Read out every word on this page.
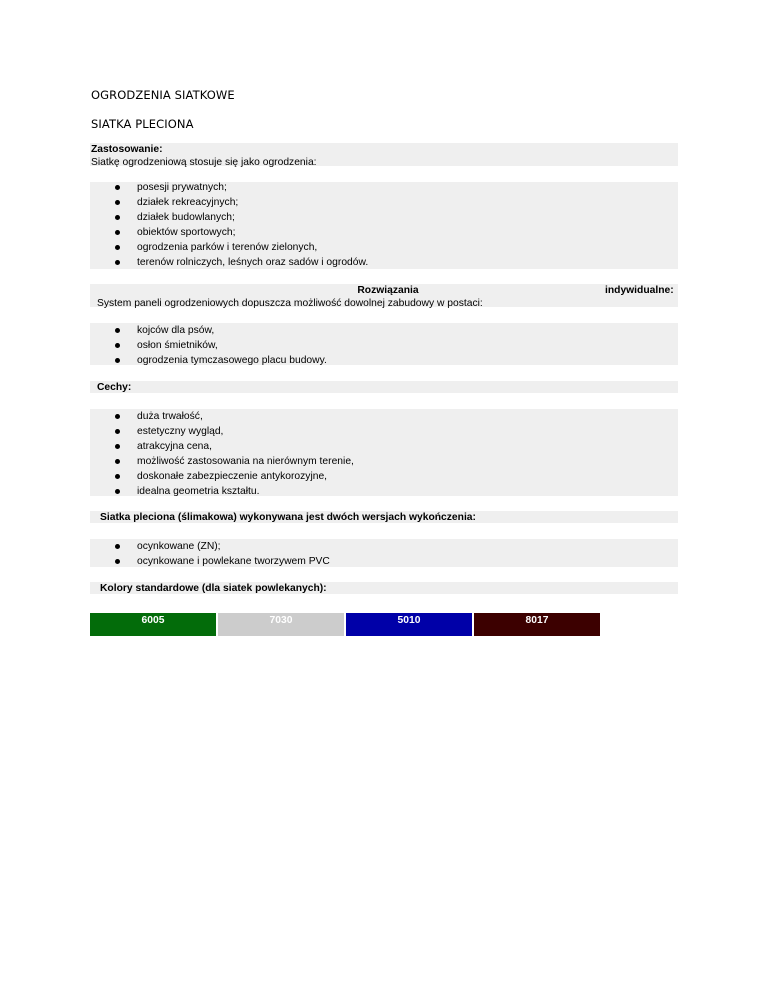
OGRODZENIA SIATKOWE
SIATKA PLECIONA
Zastosowanie:
Siatkę ogrodzeniową stosuje się jako ogrodzenia:
posesji prywatnych;
działek rekreacyjnych;
działek budowlanych;
obiektów sportowych;
ogrodzenia parków i terenów zielonych,
terenów rolniczych, leśnych oraz sadów i ogrodów.
Rozwiązania
System paneli ogrodzeniowych dopuszcza możliwość dowolnej zabudowy w postaci:
indywidualne:
kojców dla psów,
osłon śmietników,
ogrodzenia tymczasowego placu budowy.
Cechy:
duża trwałość,
estetyczny wygląd,
atrakcyjna cena,
możliwość zastosowania na nierównym terenie,
doskonałe zabezpieczenie antykorozyjne,
idealna geometria kształtu.
Siatka pleciona (ślimakowa) wykonywana jest dwóch wersjach wykończenia:
ocynkowane (ZN);
ocynkowane i powlekane tworzywem PVC
Kolory standardowe (dla siatek powlekanych):
6005	7030	5010	8017
